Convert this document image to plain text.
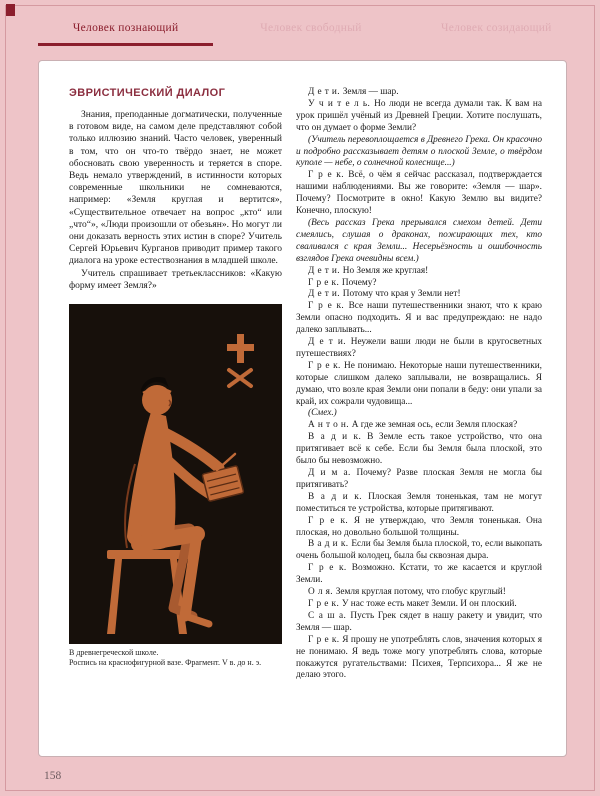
Человек познающий	Человек свободный	Человек созидающий
ЭВРИСТИЧЕСКИЙ ДИАЛОГ

Знания, преподанные догматически, полученные в готовом виде, на самом деле представляют собой только иллюзию знаний. Часто человек, уверенный в том, что он что-то твёрдо знает, не может обосновать свою уверенность и теряется в споре. Ведь немало утверждений, в истинности которых современные школьники не сомневаются, например: «Земля круглая и вертится», «Существительное отвечает на вопрос „кто“ или „что“», «Люди произошли от обезьян». Но могут ли они доказать верность этих истин в споре? Учитель Сергей Юрьевич Курганов приводит пример такого диалога на уроке естествознания в младшей школе.

Учитель спрашивает третьеклассников: «Какую форму имеет Земля?»

В древнегреческой школе.
Роспись на краснофигурной вазе. Фрагмент. V в. до н. э.

Д е т и. Земля — шар.

У ч и т е л ь. Но люди не всегда думали так. К вам на урок пришёл учёный из Древней Греции. Хотите послушать, что он думает о форме Земли?

(Учитель перевоплощается в Древнего Грека. Он красочно и подробно рассказывает детям о плоской Земле, о твёрдом куполе — небе, о солнечной колеснице...)

Г р е к. Всё, о чём я сейчас рассказал, подтверждается нашими наблюдениями. Вы же говорите: «Земля — шар». Почему? Посмотрите в окно! Какую Землю вы видите? Конечно, плоскую!

(Весь рассказ Грека прерывался смехом детей. Дети смеялись, слушая о драконах, пожирающих тех, кто сваливался с края Земли... Несерьёзность и ошибочность взглядов Грека очевидны всем.)

Д е т и. Но Земля же круглая!

Г р е к. Почему?

Д е т и. Потому что края у Земли нет!

Г р е к. Все наши путешественники знают, что к краю Земли опасно подходить. Я и вас предупреждаю: не надо далеко заплывать...

Д е т и. Неужели ваши люди не были в кругосветных путешествиях?

Г р е к. Не понимаю. Некоторые наши путешественники, которые слишком далеко заплывали, не возвращались. Я думаю, что возле края Земли они попали в беду: они упали за край, их сожрали чудовища...

(Смех.)

А н т о н. А где же земная ось, если Земля плоская?

В а д и к. В Земле есть такое устройство, что она притягивает всё к себе. Если бы Земля была плоской, это было бы невозможно.

Д и м а. Почему? Разве плоская Земля не могла бы притягивать?

В а д и к. Плоская Земля тоненькая, там не могут поместиться те устройства, которые притягивают.

Г р е к. Я не утверждаю, что Земля тоненькая. Она плоская, но довольно большой толщины.

В а д и к. Если бы Земля была плоской, то, если выкопать очень большой колодец, была бы сквозная дыра.

Г р е к. Возможно. Кстати, то же касается и круглой Земли.

О л я. Земля круглая потому, что глобус круглый!

Г р е к. У нас тоже есть макет Земли. И он плоский.

С а ш а. Пусть Грек сядет в нашу ракету и увидит, что Земля — шар.

Г р е к. Я прошу не употреблять слов, значения которых я не понимаю. Я ведь тоже могу употреблять слова, которые покажутся ругательствами: Психея, Терпсихора... Я же не делаю этого.

158
